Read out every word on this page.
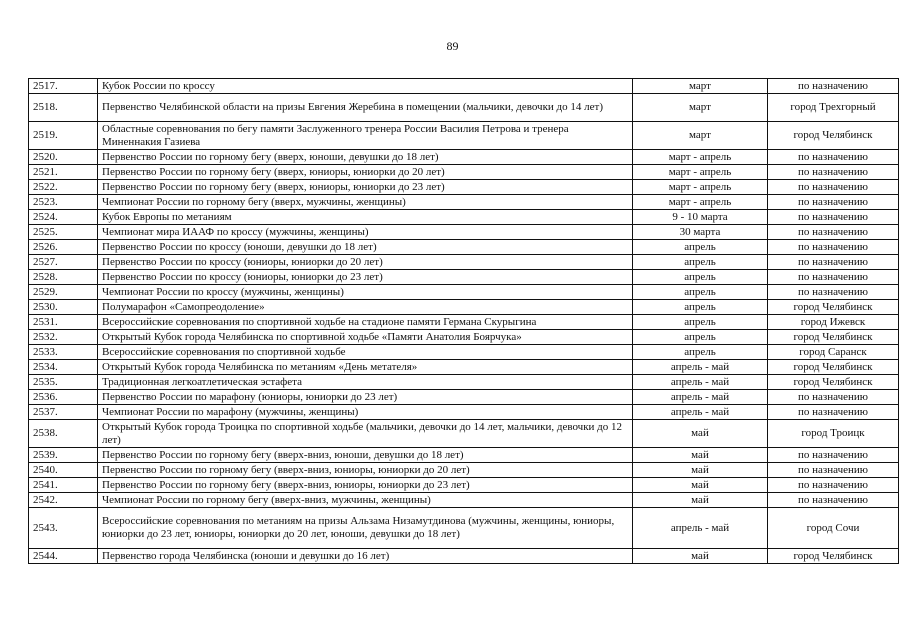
89
2517.	Кубок России по кроссу	март	по назначению
2518.	Первенство Челябинской области на призы Евгения Жеребина в помещении (мальчики, девочки до 14 лет)	март	город Трехгорный
2519.	Областные соревнования по бегу памяти Заслуженного тренера России Василия Петрова и тренера Миненнакия Газиева	март	город Челябинск
2520.	Первенство России по горному бегу (вверх, юноши, девушки до 18 лет)	март - апрель	по назначению
2521.	Первенство России по горному бегу (вверх, юниоры, юниорки до 20 лет)	март - апрель	по назначению
2522.	Первенство России по горному бегу (вверх, юниоры, юниорки до 23 лет)	март - апрель	по назначению
2523.	Чемпионат России по горному бегу (вверх, мужчины, женщины)	март - апрель	по назначению
2524.	Кубок Европы по метаниям	9 - 10 марта	по назначению
2525.	Чемпионат мира ИААФ по кроссу (мужчины, женщины)	30 марта	по назначению
2526.	Первенство России по кроссу (юноши, девушки до 18 лет)	апрель	по назначению
2527.	Первенство России по кроссу (юниоры, юниорки до 20 лет)	апрель	по назначению
2528.	Первенство России по кроссу (юниоры, юниорки до 23 лет)	апрель	по назначению
2529.	Чемпионат России по кроссу (мужчины, женщины)	апрель	по назначению
2530.	Полумарафон «Самопреодоление»	апрель	город Челябинск
2531.	Всероссийские соревнования по спортивной ходьбе на стадионе памяти Германа Скурыгина	апрель	город Ижевск
2532.	Открытый Кубок города Челябинска по спортивной ходьбе «Памяти Анатолия Боярчука»	апрель	город Челябинск
2533.	Всероссийские соревнования по спортивной ходьбе	апрель	город Саранск
2534.	Открытый Кубок города Челябинска по метаниям «День метателя»	апрель - май	город Челябинск
2535.	Традиционная легкоатлетическая эстафета	апрель - май	город Челябинск
2536.	Первенство России по марафону (юниоры, юниорки до 23 лет)	апрель - май	по назначению
2537.	Чемпионат России по марафону (мужчины, женщины)	апрель - май	по назначению
2538.	Открытый Кубок города Троицка по спортивной ходьбе (мальчики, девочки до 14 лет, мальчики, девочки до 12 лет)	май	город Троицк
2539.	Первенство России по горному бегу (вверх-вниз, юноши, девушки до 18 лет)	май	по назначению
2540.	Первенство России по горному бегу (вверх-вниз, юниоры, юниорки до 20 лет)	май	по назначению
2541.	Первенство России по горному бегу (вверх-вниз, юниоры, юниорки до 23 лет)	май	по назначению
2542.	Чемпионат России по горному бегу (вверх-вниз, мужчины, женщины)	май	по назначению
2543.	Всероссийские соревнования по метаниям на призы Альзама Низамутдинова (мужчины, женщины, юниоры, юниорки до 23 лет, юниоры, юниорки до 20 лет, юноши, девушки до 18 лет)	апрель - май	город Сочи
2544.	Первенство города Челябинска (юноши и девушки до 16 лет)	май	город Челябинск
